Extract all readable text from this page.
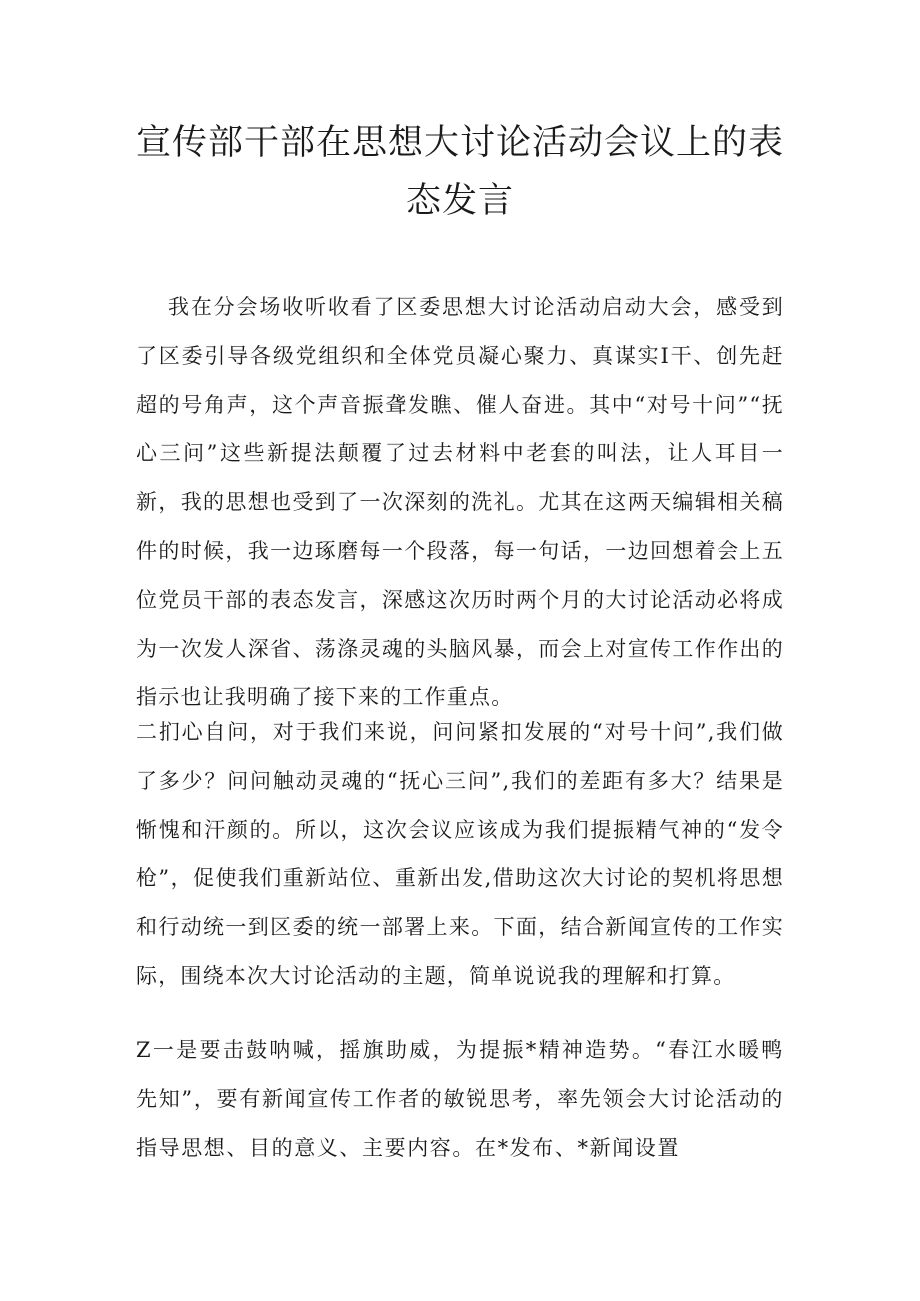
宣传部干部在思想大讨论活动会议上的表态发言

我在分会场收听收看了区委思想大讨论活动启动大会，感受到了区委引导各级党组织和全体党员凝心聚力、真谋实I干、创先赶超的号角声，这个声音振聋发瞧、催人奋进。其中“对号十问”“抚心三问”这些新提法颠覆了过去材料中老套的叫法，让人耳目一新，我的思想也受到了一次深刻的洗礼。尤其在这两天编辑相关稿件的时候，我一边琢磨每一个段落，每一句话，一边回想着会上五位党员干部的表态发言，深感这次历时两个月的大讨论活动必将成为一次发人深省、荡涤灵魂的头脑风暴，而会上对宣传工作作出的指示也让我明确了接下来的工作重点。

二扪心自问，对于我们来说，问问紧扣发展的“对号十问”,我们做了多少？问问触动灵魂的“抚心三问”,我们的差距有多大？结果是惭愧和汗颜的。所以，这次会议应该成为我们提振精气神的“发令枪”，促使我们重新站位、重新出发,借助这次大讨论的契机将思想和行动统一到区委的统一部署上来。下面，结合新闻宣传的工作实际，围绕本次大讨论活动的主题，简单说说我的理解和打算。

Z一是要击鼓呐喊，摇旗助威，为提振*精神造势。“春江水暖鸭先知”，要有新闻宣传工作者的敏锐思考，率先领会大讨论活动的指导思想、目的意义、主要内容。在*发布、*新闻设置
